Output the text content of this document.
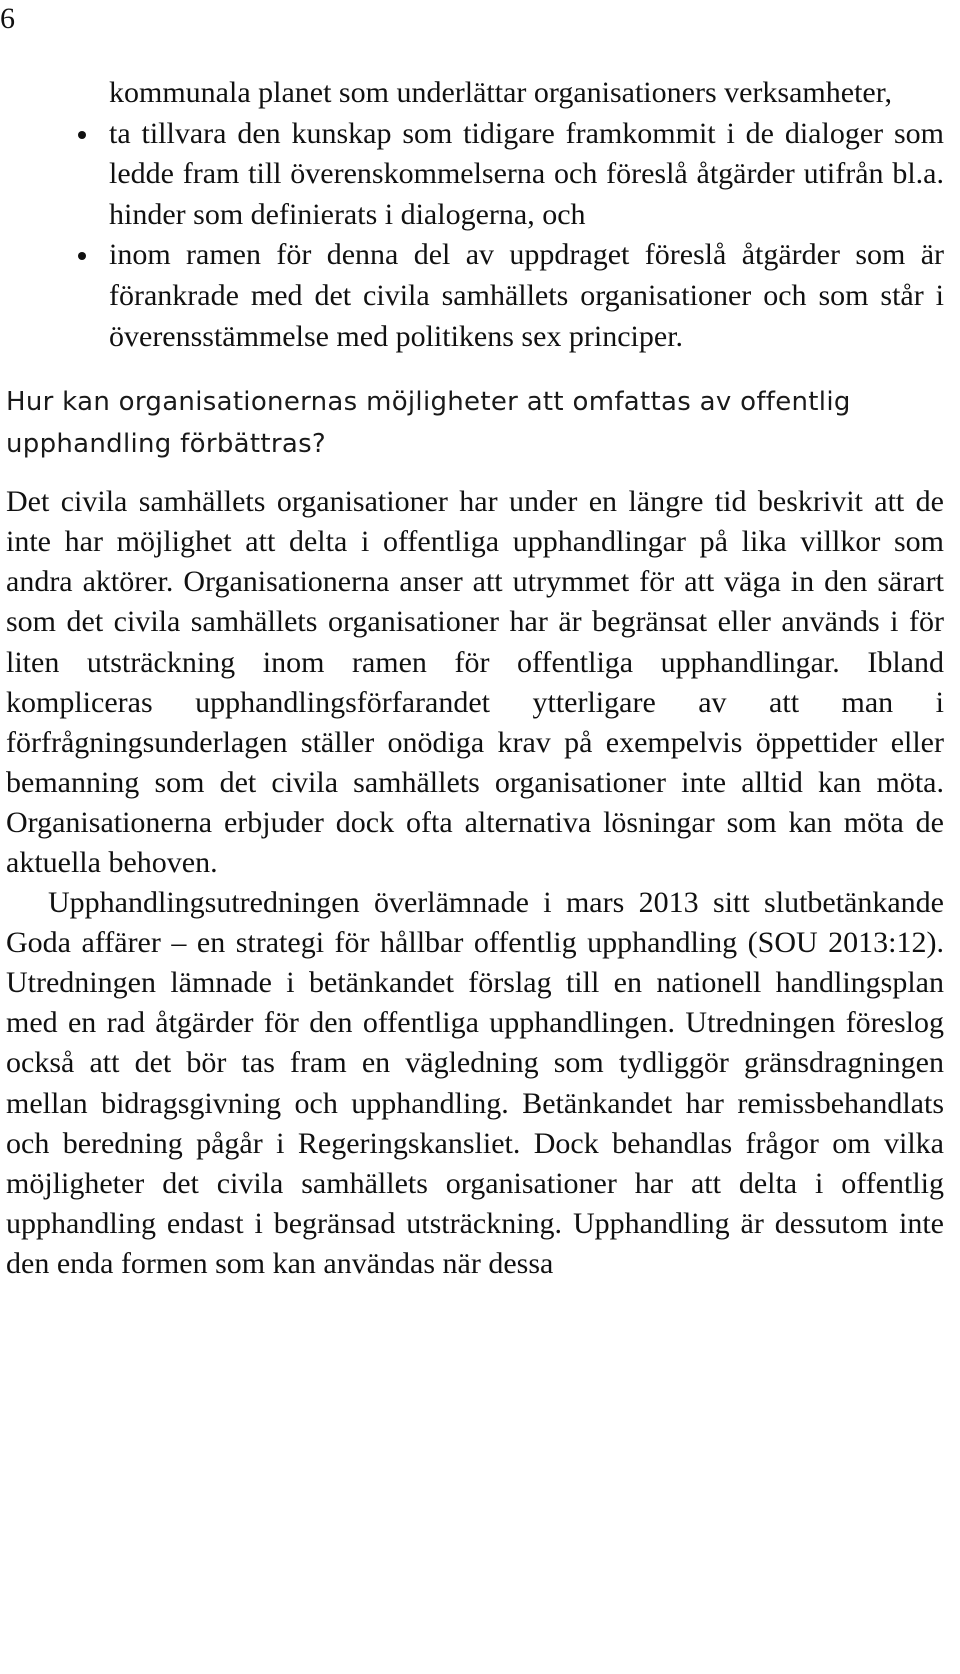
6
kommunala planet som underlättar organisationers verksamheter,
ta tillvara den kunskap som tidigare framkommit i de dialoger som ledde fram till överenskommelserna och föreslå åtgärder utifrån bl.a. hinder som definierats i dialogerna, och
inom ramen för denna del av uppdraget föreslå åtgärder som är förankrade med det civila samhällets organisationer och som står i överensstämmelse med politikens sex principer.
Hur kan organisationernas möjligheter att omfattas av offentlig upphandling förbättras?

Det civila samhällets organisationer har under en längre tid beskrivit att de inte har möjlighet att delta i offentliga upphandlingar på lika villkor som andra aktörer. Organisationerna anser att utrymmet för att väga in den särart som det civila samhällets organisationer har är begränsat eller används i för liten utsträckning inom ramen för offentliga upphandlingar. Ibland kompliceras upphandlingsförfarandet ytterligare av att man i förfrågningsunderlagen ställer onödiga krav på exempelvis öppettider eller bemanning som det civila samhällets organisationer inte alltid kan möta. Organisationerna erbjuder dock ofta alternativa lösningar som kan möta de aktuella behoven.

Upphandlingsutredningen överlämnade i mars 2013 sitt slutbetänkande Goda affärer – en strategi för hållbar offentlig upphandling (SOU 2013:12). Utredningen lämnade i betänkandet förslag till en nationell handlingsplan med en rad åtgärder för den offentliga upphandlingen. Utredningen föreslog också att det bör tas fram en vägledning som tydliggör gränsdragningen mellan bidragsgivning och upphandling. Betänkandet har remissbehandlats och beredning pågår i Regeringskansliet. Dock behandlas frågor om vilka möjligheter det civila samhällets organisationer har att delta i offentlig upphandling endast i begränsad utsträckning. Upphandling är dessutom inte den enda formen som kan användas när dessa
